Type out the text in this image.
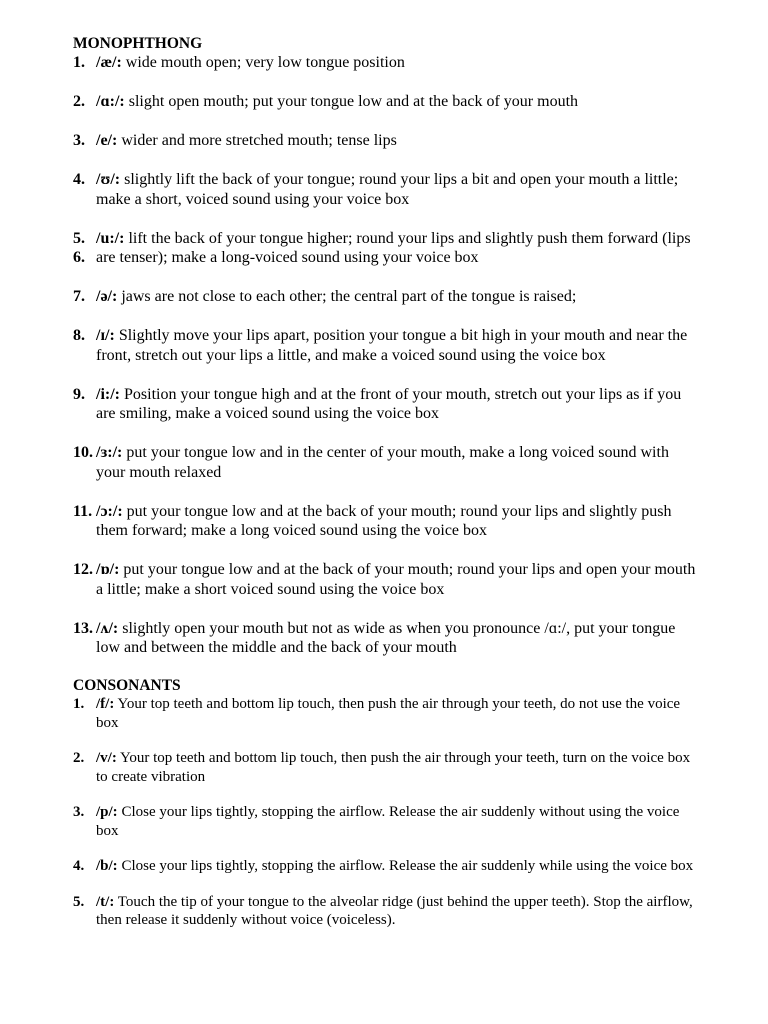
MONOPHTHONG
1. /æ/: wide mouth open; very low tongue position
2. /ɑ:/: slight open mouth; put your tongue low and at the back of your mouth
3. /e/: wider and more stretched mouth; tense lips
4. /ʊ/: slightly lift the back of your tongue; round your lips a bit and open your mouth a little; make a short, voiced sound using your voice box
5.
6.
/u:/: lift the back of your tongue higher; round your lips and slightly push them forward (lips are tenser); make a long-voiced sound using your voice box
7. /ə/: jaws are not close to each other; the central part of the tongue is raised;
8. /ɪ/: Slightly move your lips apart, position your tongue a bit high in your mouth and near the front, stretch out your lips a little, and make a voiced sound using the voice box
9. /i:/: Position your tongue high and at the front of your mouth, stretch out your lips as if you are smiling, make a voiced sound using the voice box
10. /ɜ:/: put your tongue low and in the center of your mouth, make a long voiced sound with your mouth relaxed
11. /ɔ:/: put your tongue low and at the back of your mouth; round your lips and slightly push them forward; make a long voiced sound using the voice box
12. /ɒ/: put your tongue low and at the back of your mouth; round your lips and open your mouth a little; make a short voiced sound using the voice box
13. /ʌ/: slightly open your mouth but not as wide as when you pronounce /ɑ:/, put your tongue low and between the middle and the back of your mouth
CONSONANTS
1. /f/: Your top teeth and bottom lip touch, then push the air through your teeth, do not use the voice box
2. /v/: Your top teeth and bottom lip touch, then push the air through your teeth, turn on the voice box to create vibration
3. /p/: Close your lips tightly, stopping the airflow. Release the air suddenly without using the voice box
4. /b/: Close your lips tightly, stopping the airflow. Release the air suddenly while using the voice box
5. /t/: Touch the tip of your tongue to the alveolar ridge (just behind the upper teeth). Stop the airflow, then release it suddenly without voice (voiceless).
